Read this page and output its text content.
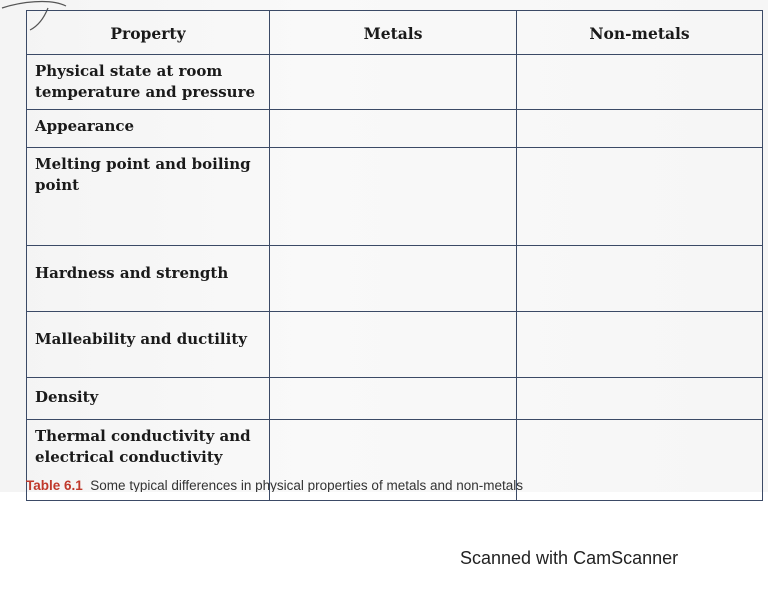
Property	Metals	Non-metals
Physical state at room temperature and pressure		
Appearance		
Melting point and boiling point		
Hardness and strength		
Malleability and ductility		
Density		
Thermal conductivity and electrical conductivity		
Table 6.1 Some typical differences in physical properties of metals and non-metals
Scanned with CamScanner
